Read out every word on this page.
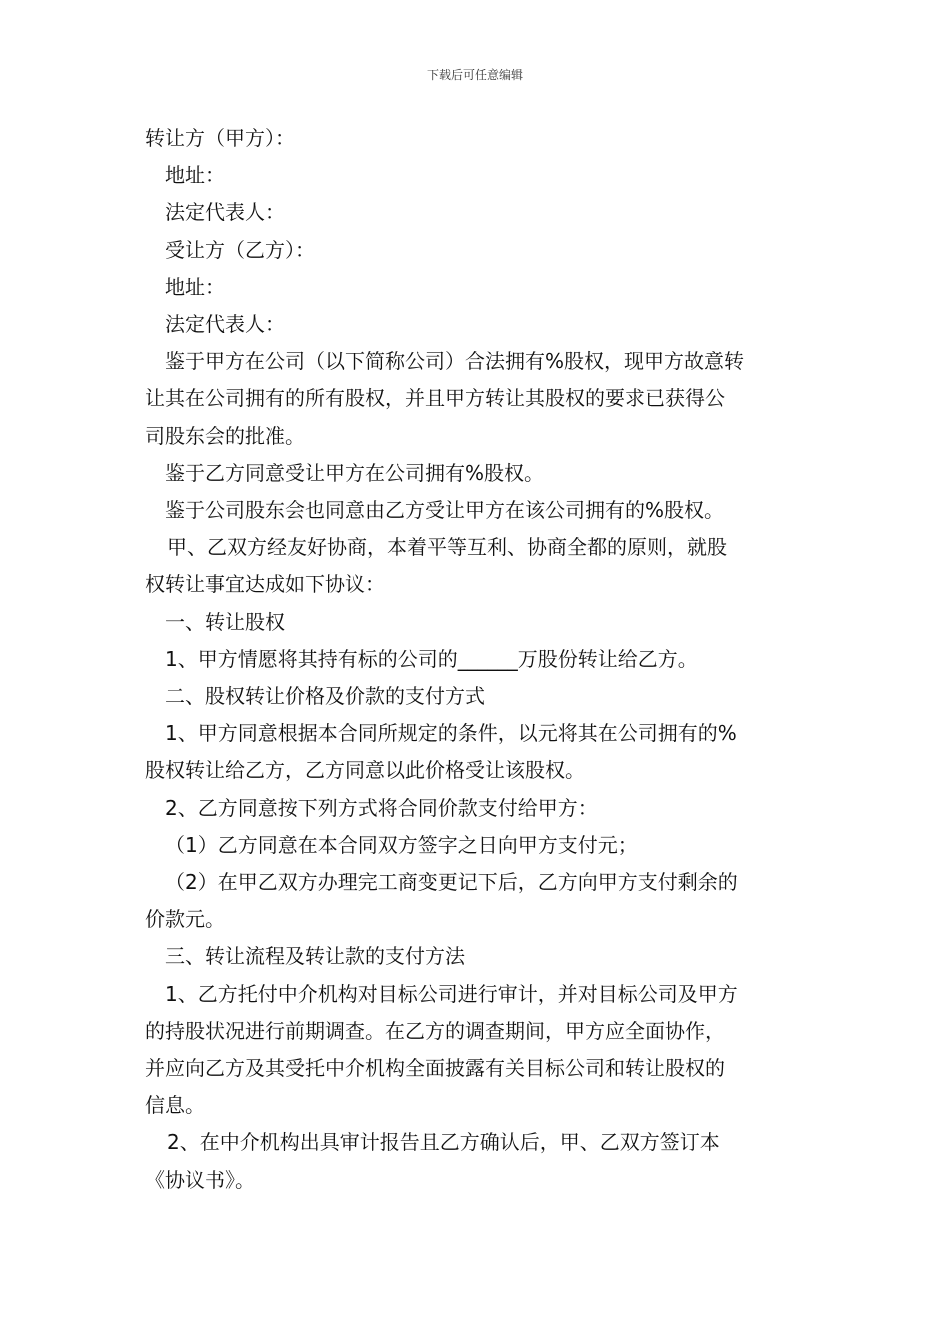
下载后可任意编辑
转让方（甲方）：
地址：
法定代表人：
受让方（乙方）：
地址：
法定代表人：
鉴于甲方在公司（以下简称公司）合法拥有%股权，现甲方故意转
让其在公司拥有的所有股权，并且甲方转让其股权的要求已获得公
司股东会的批准。
鉴于乙方同意受让甲方在公司拥有%股权。
鉴于公司股东会也同意由乙方受让甲方在该公司拥有的%股权。
甲、乙双方经友好协商，本着平等互利、协商全都的原则，就股
权转让事宜达成如下协议：
一、转让股权
1、甲方情愿将其持有标的公司的______万股份转让给乙方。
二、股权转让价格及价款的支付方式
1、甲方同意根据本合同所规定的条件，以元将其在公司拥有的%
股权转让给乙方，乙方同意以此价格受让该股权。
2、乙方同意按下列方式将合同价款支付给甲方：
（1）乙方同意在本合同双方签字之日向甲方支付元；
（2）在甲乙双方办理完工商变更记下后，乙方向甲方支付剩余的
价款元。
三、转让流程及转让款的支付方法
1、乙方托付中介机构对目标公司进行审计，并对目标公司及甲方
的持股状况进行前期调查。在乙方的调查期间，甲方应全面协作，
并应向乙方及其受托中介机构全面披露有关目标公司和转让股权的
信息。
2、在中介机构出具审计报告且乙方确认后，甲、乙双方签订本
《协议书》。
